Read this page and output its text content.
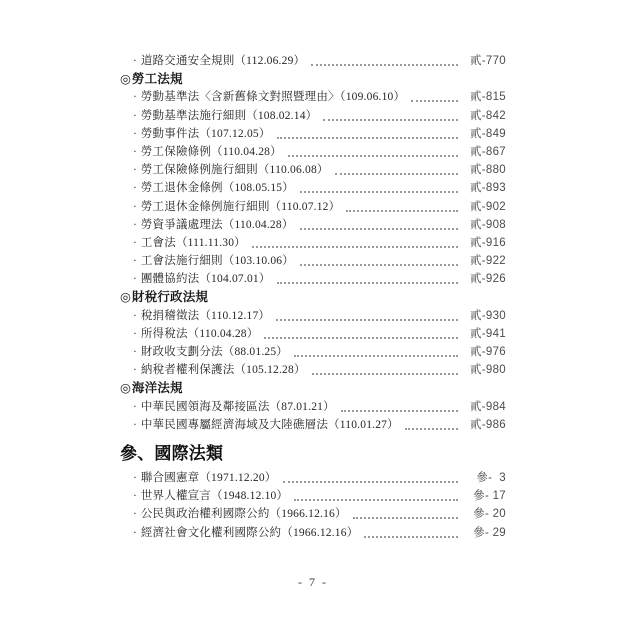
· 道路交通安全規則（112.06.29）	貳-770
◎ 勞工法規
· 勞動基準法〈含新舊條文對照暨理由〉（109.06.10）	貳-815
· 勞動基準法施行細則（108.02.14）	貳-842
· 勞動事件法（107.12.05）	貳-849
· 勞工保險條例（110.04.28）	貳-867
· 勞工保險條例施行細則（110.06.08）	貳-880
· 勞工退休金條例（108.05.15）	貳-893
· 勞工退休金條例施行細則（110.07.12）	貳-902
· 勞資爭議處理法（110.04.28）	貳-908
· 工會法（111.11.30）	貳-916
· 工會法施行細則（103.10.06）	貳-922
· 團體協約法（104.07.01）	貳-926
◎ 財稅行政法規
· 稅捐稽徵法（110.12.17）	貳-930
· 所得稅法（110.04.28）	貳-941
· 財政收支劃分法（88.01.25）	貳-976
· 納稅者權利保護法（105.12.28）	貳-980
◎ 海洋法規
· 中華民國領海及鄰接區法（87.01.21）	貳-984
· 中華民國專屬經濟海域及大陸礁層法（110.01.27）	貳-986
參、國際法類
· 聯合國憲章（1971.12.20）	參-  3
· 世界人權宣言（1948.12.10）	參- 17
· 公民與政治權利國際公約（1966.12.16）	參- 20
· 經濟社會文化權利國際公約（1966.12.16）	參- 29
- 7 -
